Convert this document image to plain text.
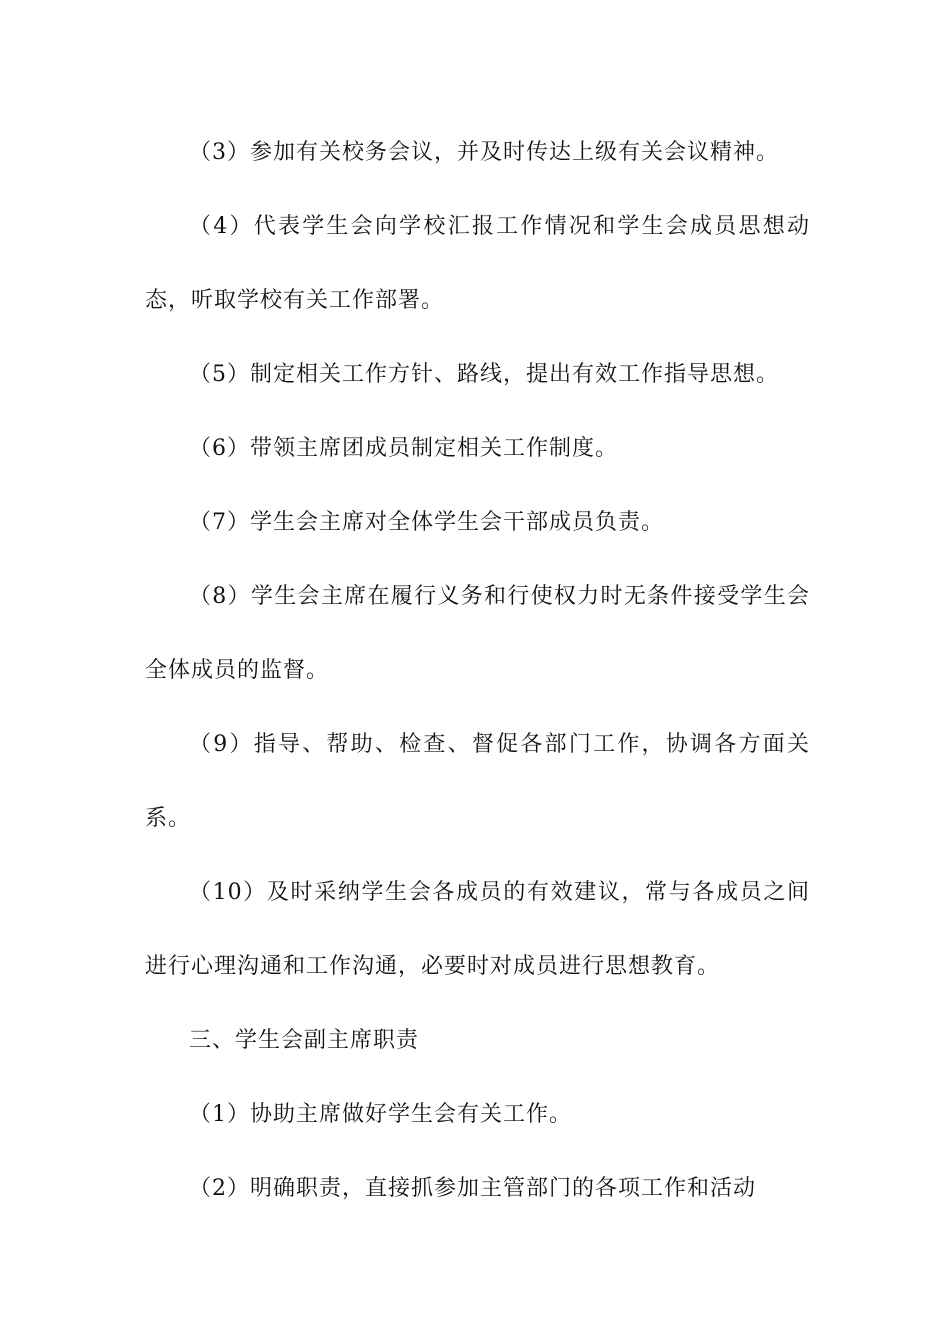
（3）参加有关校务会议，并及时传达上级有关会议精神。

（4）代表学生会向学校汇报工作情况和学生会成员思想动态，听取学校有关工作部署。

（5）制定相关工作方针、路线，提出有效工作指导思想。

（6）带领主席团成员制定相关工作制度。

（7）学生会主席对全体学生会干部成员负责。

（8）学生会主席在履行义务和行使权力时无条件接受学生会全体成员的监督。

（9）指导、帮助、检查、督促各部门工作，协调各方面关系。

（10）及时采纳学生会各成员的有效建议，常与各成员之间进行心理沟通和工作沟通，必要时对成员进行思想教育。

三、学生会副主席职责

（1）协助主席做好学生会有关工作。

（2）明确职责，直接抓参加主管部门的各项工作和活动
